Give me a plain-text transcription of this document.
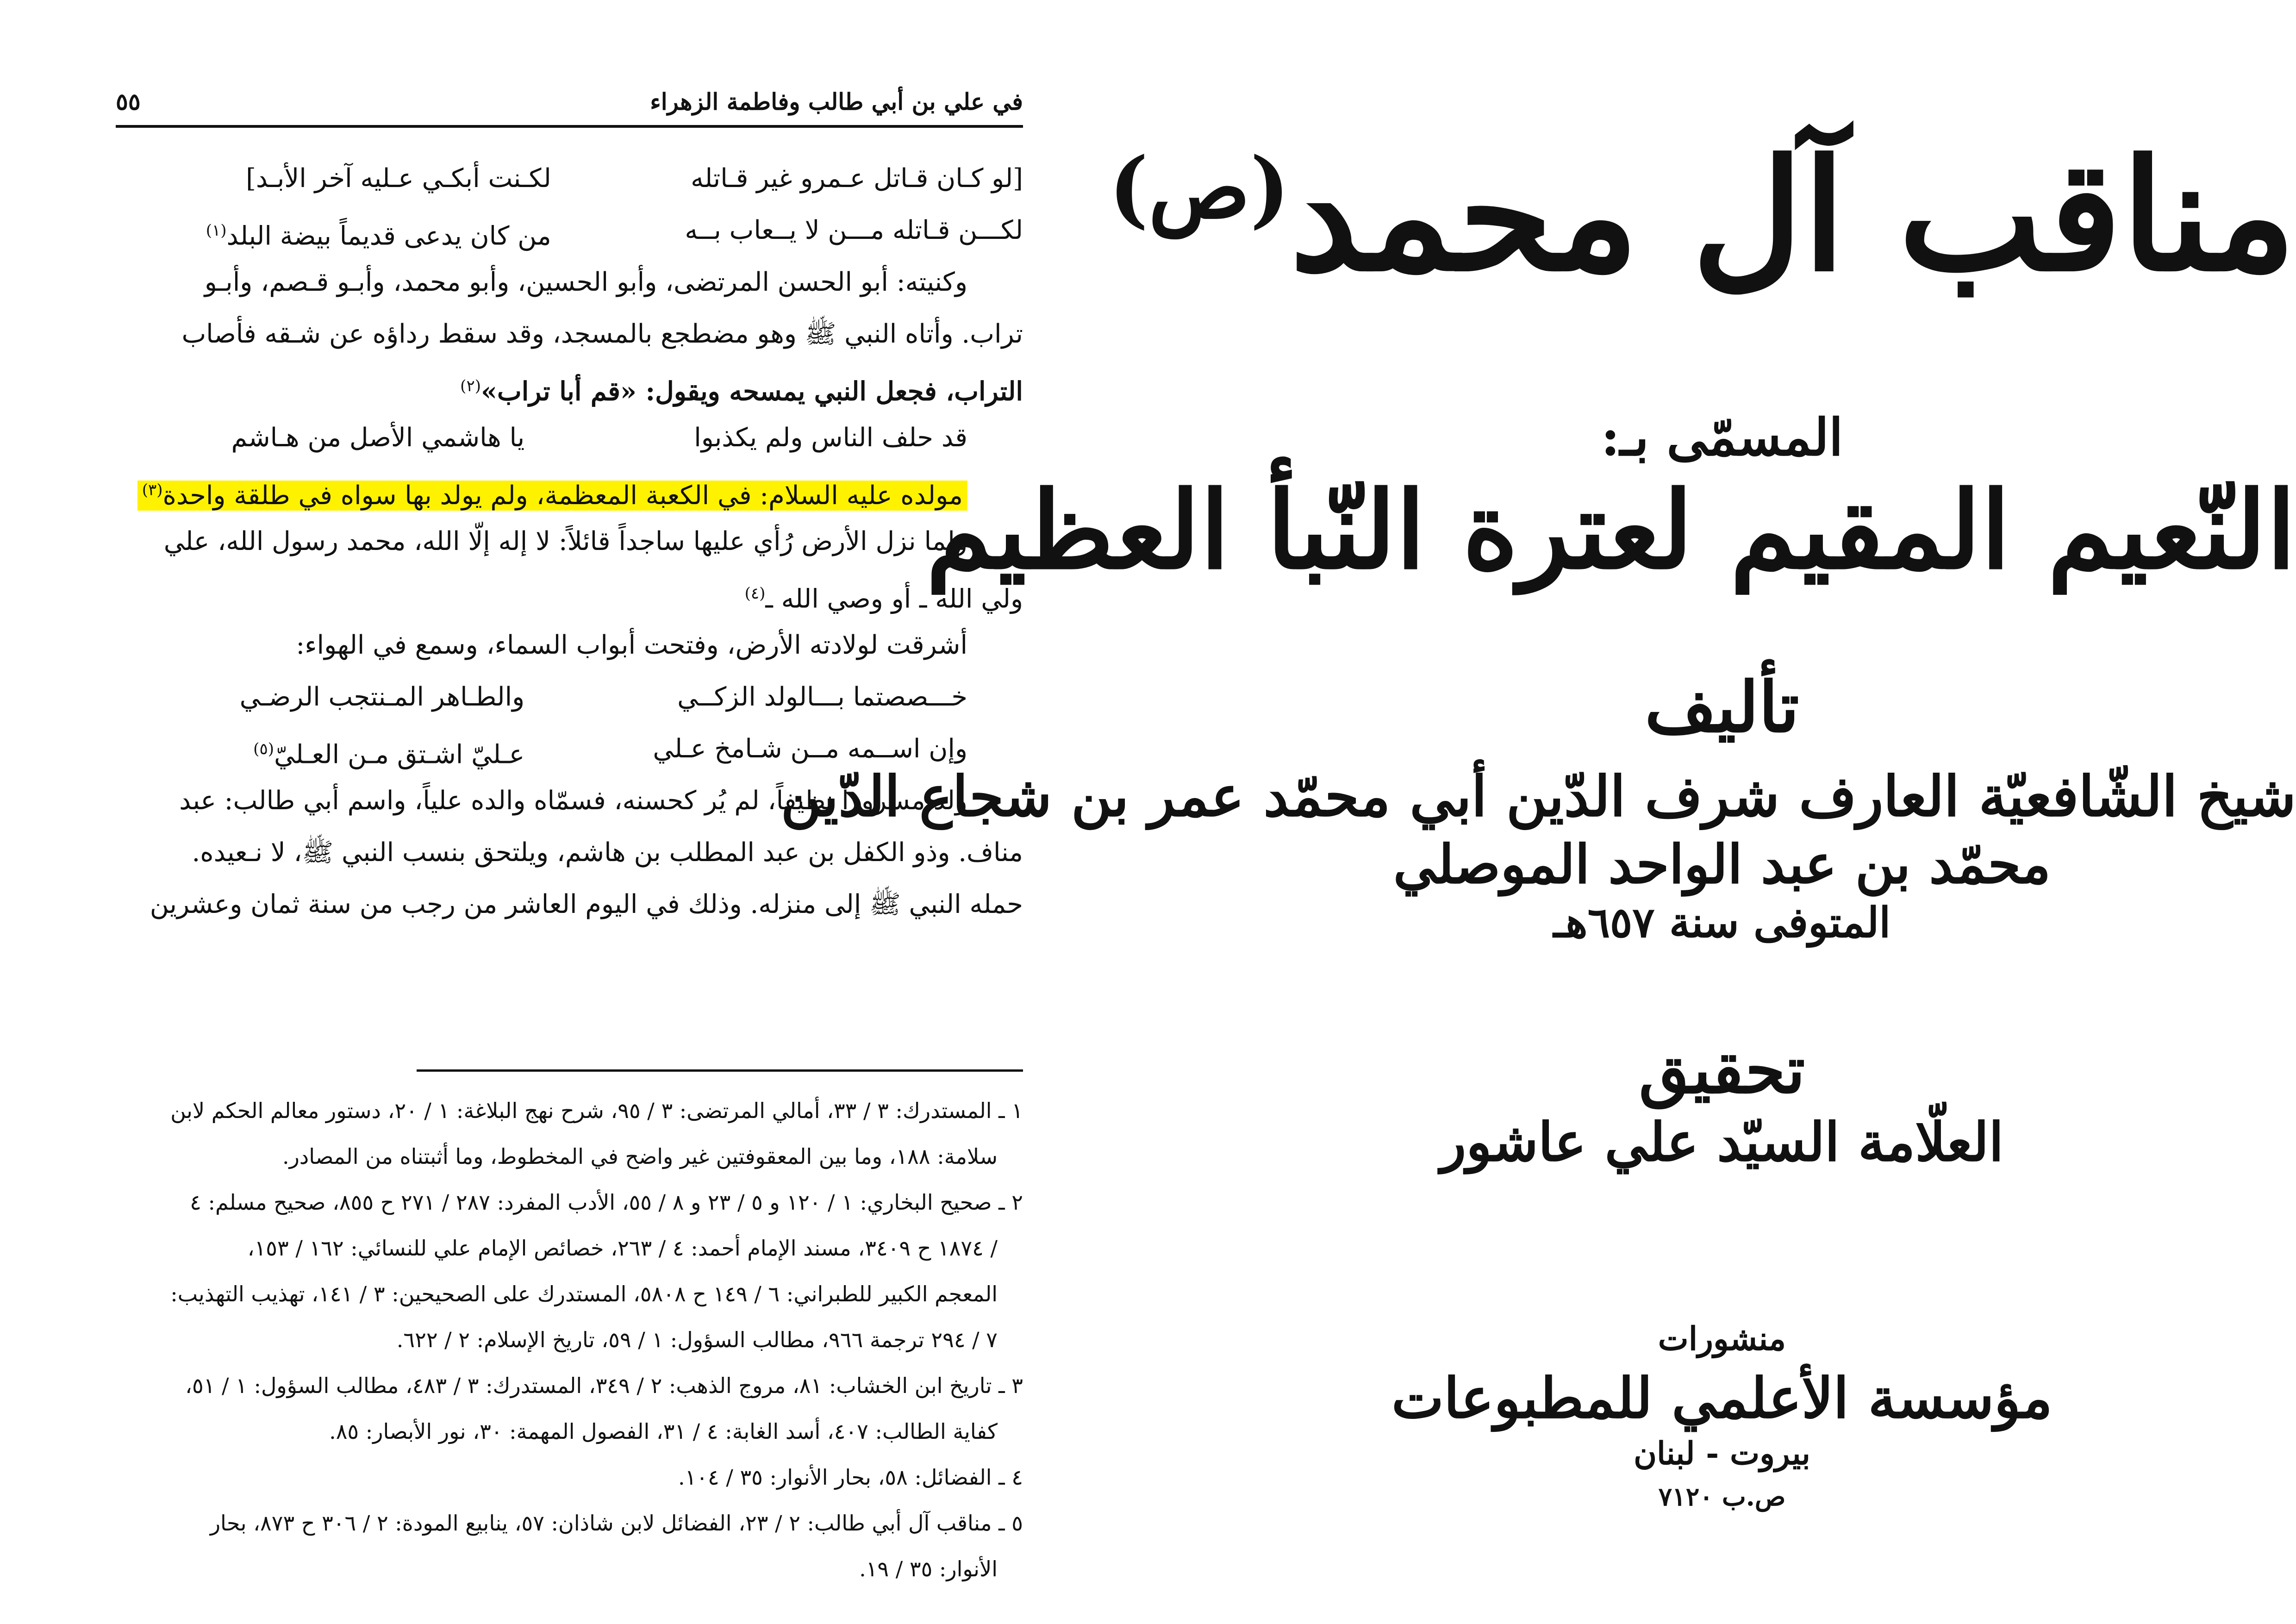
في علي بن أبي طالب وفاطمة الزهراء
٥٥
[لو كـان قـاتل عـمرو غير قـاتله
لكـنت أبكـي عـليه آخر الأبـد]
لكـــن قـاتله مـــن لا يــعاب بــه
من كان يدعى قديماً بيضة البلد$^{(١)}$
وكنيته: أبو الحسن المرتضى، وأبو الحسين، وأبو محمد، وأبـو قـصم، وأبـو
تراب. وأتاه النبي ﷺ وهو مضطجع بالمسجد، وقد سقط رداؤه عن شـقه فأصاب
التراب، فجعل النبي يمسحه ويقول: «قم أبا تراب»$^{(٢)}$
قد حلف الناس ولم يكذبوا
يا هاشمي الأصل من هـاشم
مولده عليه السلام: في الكعبة المعظمة، ولم يولد بها سواه في طلقة واحدة$^{(٣)}$
ولما نزل الأرض رُأي عليها ساجداً قائلاً: لا إله إلّا الله، محمد رسول الله، علي
ولي الله ـ أو وصي الله ـ$^{(٤)}$
أشرقت لولادته الأرض، وفتحت أبواب السماء، وسمع في الهواء:
خـــصصتما بـــالولد الزكــي
والطـاهر المـنتجب الرضـي
وإن اســمه مــن شـامخ عـلي
عـليّ اشـتق مـن العـليّ$^{(٥)}$
ولد مسروراً نظيفاً، لم يُر كحسنه، فسمّاه والده علياً، واسم أبي طالب: عبد
مناف. وذو الكفل بن عبد المطلب بن هاشم، ويلتحق بنسب النبي ﷺ، لا نـعيده.
حمله النبي ﷺ إلى منزله. وذلك في اليوم العاشر من رجب من سنة ثمان وعشرين
١ ـ المستدرك: ٣ / ٣٣، أمالي المرتضى: ٣ / ٩٥، شرح نهج البلاغة: ١ / ٢٠، دستور معالم الحكم لابن
سلامة: ١٨٨، وما بين المعقوفتين غير واضح في المخطوط، وما أثبتناه من المصادر.
٢ ـ صحيح البخاري: ١ / ١٢٠ و ٥ / ٢٣ و ٨ / ٥٥، الأدب المفرد: ٢٨٧ / ٢٧١ ح ٨٥٥، صحيح مسلم: ٤
/ ١٨٧٤ ح ٣٤٠٩، مسند الإمام أحمد: ٤ / ٢٦٣، خصائص الإمام علي للنسائي: ١٦٢ / ١٥٣،
المعجم الكبير للطبراني: ٦ / ١٤٩ ح ٥٨٠٨، المستدرك على الصحيحين: ٣ / ١٤١، تهذيب التهذيب:
٧ / ٢٩٤ ترجمة ٩٦٦، مطالب السؤول: ١ / ٥٩، تاريخ الإسلام: ٢ / ٦٢٢.
٣ ـ تاريخ ابن الخشاب: ٨١، مروج الذهب: ٢ / ٣٤٩، المستدرك: ٣ / ٤٨٣، مطالب السؤول: ١ / ٥١،
كفاية الطالب: ٤٠٧، أسد الغابة: ٤ / ٣١، الفصول المهمة: ٣٠، نور الأبصار: ٨٥.
٤ ـ الفضائل: ٥٨، بحار الأنوار: ٣٥ / ١٠٤.
٥ ـ مناقب آل أبي طالب: ٢ / ٢٣، الفضائل لابن شاذان: ٥٧، ينابيع المودة: ٢ / ٣٠٦ ح ٨٧٣، بحار
الأنوار: ٣٥ / ١٩.
مناقب آل محمد$^{(ص)}$
المسمّى بـ:
النّعيم المقيم لعترة النّبأ العظيم
تأليف
شيخ الشّافعيّة العارف شرف الدّين أبي محمّد عمر بن شجاع الدّين
محمّد بن عبد الواحد الموصلي
المتوفى سنة ٦٥٧هـ
تحقيق
العلّامة السيّد علي عاشور
منشورات
مؤسسة الأعلمي للمطبوعات
بيروت - لبنان
ص.ب ٧١٢٠
